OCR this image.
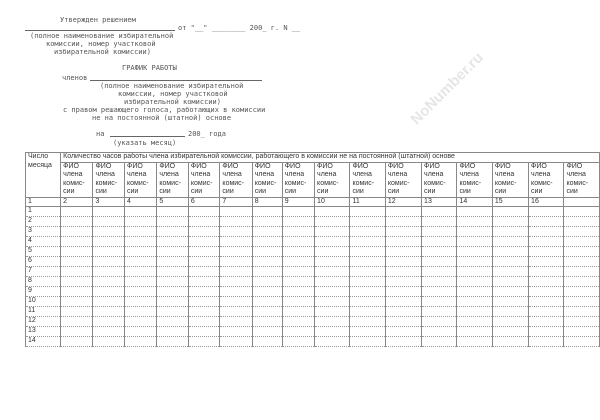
NoNumber.ru
Утвержден решением
от "__" ________ 200_ г. N __
(полное наименование избирательной
комиссии, номер участковой
избирательной комиссии)
ГРАФИК РАБОТЫ
членов
(полное наименование избирательной
комиссии, номер участковой
избирательной комиссии)
с правом решающего голоса, работающих в комиссии
не на постоянной (штатной) основе
на	200_ года
(указать месяц)
Число
месяца	Количество часов работы члена избирательной комиссии, работающего в комиссии не на постоянной (штатной) основе															
	ФИО
члена
комис-
сии	ФИО
члена
комис-
сии	ФИО
члена
комис-
сии	ФИО
члена
комис-
сии	ФИО
члена
комис-
сии	ФИО
члена
комис-
сии	ФИО
члена
комис-
сии	ФИО
члена
комис-
сии	ФИО
члена
комис-
сии	ФИО
члена
комис-
сии	ФИО
члена
комис-
сии	ФИО
члена
комис-
сии	ФИО
члена
комис-
сии	ФИО
члена
комис-
сии	ФИО
члена
комис-
сии	ФИО
члена
комис-
сии
1	2	3	4	5	6	7	8	9	10	11	12	13	14	15	16	
1																
2																
3																
4																
5																
6																
7																
8																
9																
10																
11																
12																
13																
14																
